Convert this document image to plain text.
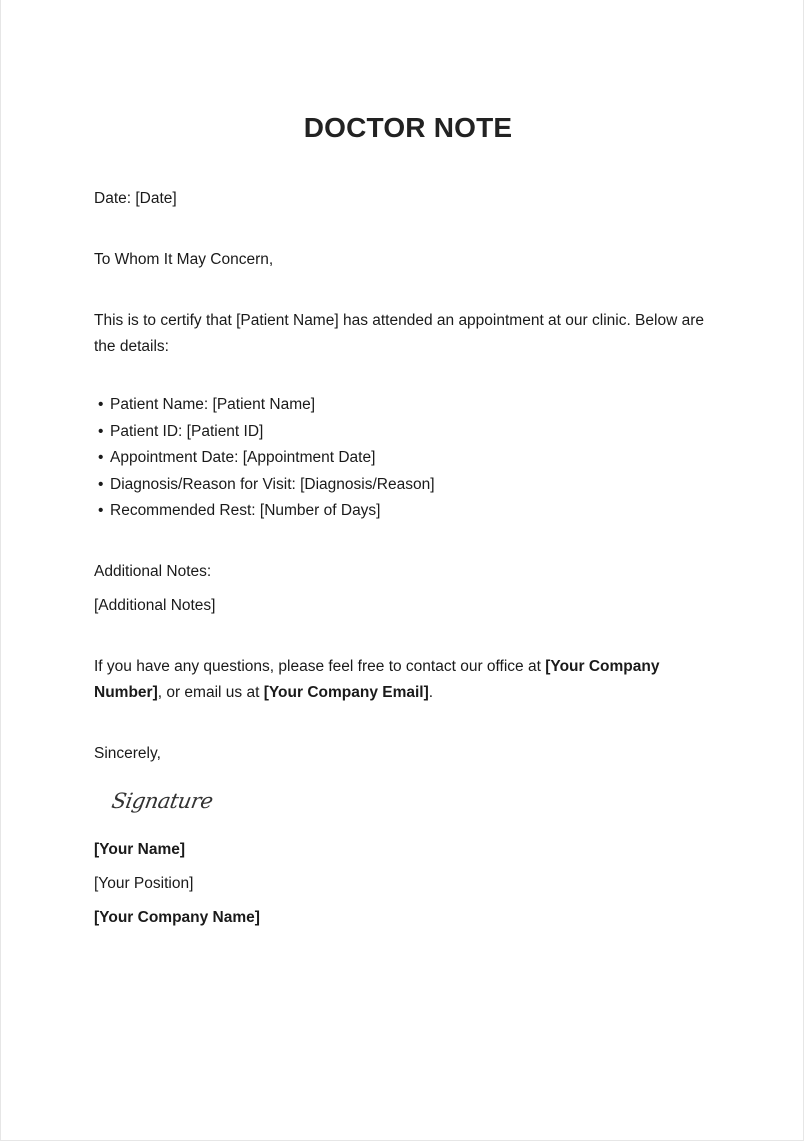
DOCTOR NOTE

Date: [Date]

To Whom It May Concern,

This is to certify that [Patient Name] has attended an appointment at our clinic. Below are the details:

• Patient Name: [Patient Name]
• Patient ID: [Patient ID]
• Appointment Date: [Appointment Date]
• Diagnosis/Reason for Visit: [Diagnosis/Reason]
• Recommended Rest: [Number of Days]

Additional Notes:

[Additional Notes]

If you have any questions, please feel free to contact our office at [Your Company Number], or email us at [Your Company Email].

Sincerely,

Signature

[Your Name]

[Your Position]

[Your Company Name]
